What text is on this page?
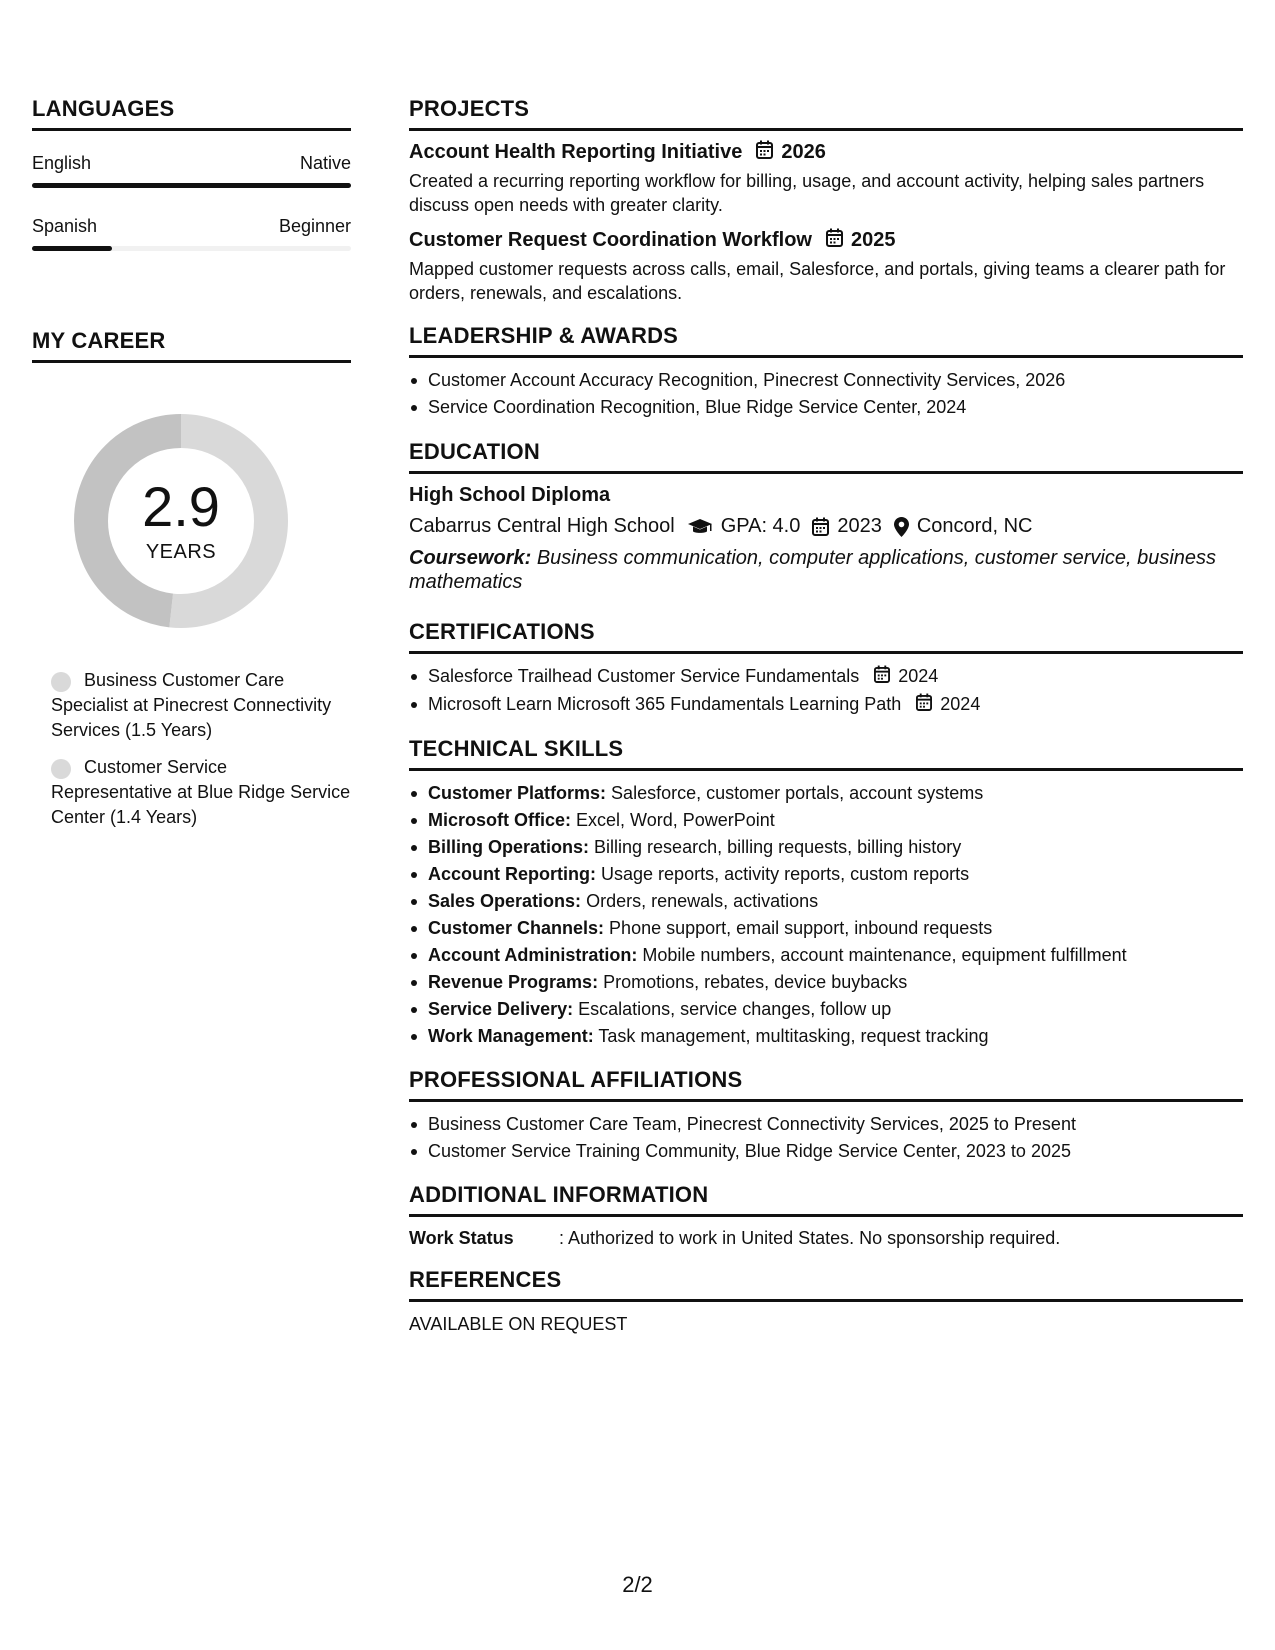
LANGUAGES
English	Native
Spanish	Beginner
MY CAREER
2.9
YEARS
Business Customer Care Specialist at Pinecrest Connectivity Services (1.5 Years)
Customer Service Representative at Blue Ridge Service Center (1.4 Years)
PROJECTS
Account Health Reporting Initiative 2026
Created a recurring reporting workflow for billing, usage, and account activity, helping sales partners discuss open needs with greater clarity.
Customer Request Coordination Workflow 2025
Mapped customer requests across calls, email, Salesforce, and portals, giving teams a clearer path for orders, renewals, and escalations.
LEADERSHIP & AWARDS
Customer Account Accuracy Recognition, Pinecrest Connectivity Services, 2026
Service Coordination Recognition, Blue Ridge Service Center, 2024
EDUCATION
High School Diploma
Cabarrus Central High School GPA: 4.0 2023 Concord, NC
Coursework: Business communication, computer applications, customer service, business mathematics
CERTIFICATIONS
Salesforce Trailhead Customer Service Fundamentals 2024
Microsoft Learn Microsoft 365 Fundamentals Learning Path 2024
TECHNICAL SKILLS
Customer Platforms: Salesforce, customer portals, account systems
Microsoft Office: Excel, Word, PowerPoint
Billing Operations: Billing research, billing requests, billing history
Account Reporting: Usage reports, activity reports, custom reports
Sales Operations: Orders, renewals, activations
Customer Channels: Phone support, email support, inbound requests
Account Administration: Mobile numbers, account maintenance, equipment fulfillment
Revenue Programs: Promotions, rebates, device buybacks
Service Delivery: Escalations, service changes, follow up
Work Management: Task management, multitasking, request tracking
PROFESSIONAL AFFILIATIONS
Business Customer Care Team, Pinecrest Connectivity Services, 2025 to Present
Customer Service Training Community, Blue Ridge Service Center, 2023 to 2025
ADDITIONAL INFORMATION
Work Status	: Authorized to work in United States. No sponsorship required.
REFERENCES
AVAILABLE ON REQUEST
2/2
